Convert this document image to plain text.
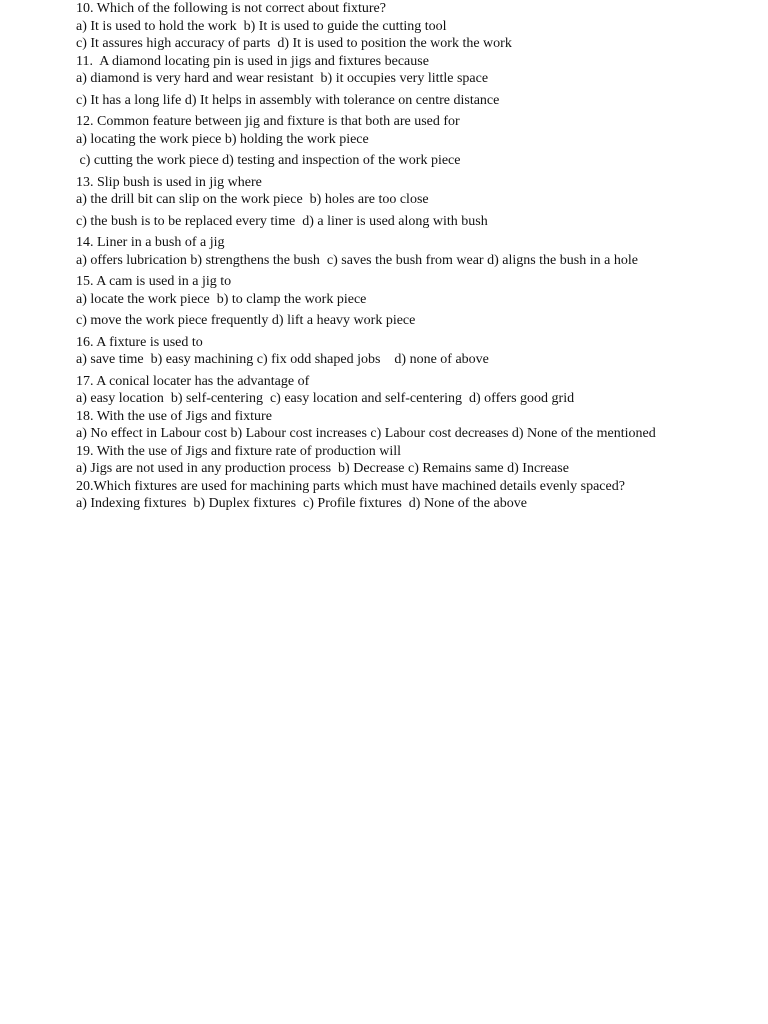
10. Which of the following is not correct about fixture?
a) It is used to hold the work  b) It is used to guide the cutting tool
c) It assures high accuracy of parts  d) It is used to position the work the work
11.  A diamond locating pin is used in jigs and fixtures because
a) diamond is very hard and wear resistant  b) it occupies very little space
c) It has a long life d) It helps in assembly with tolerance on centre distance
12. Common feature between jig and fixture is that both are used for
a) locating the work piece b) holding the work piece
c) cutting the work piece d) testing and inspection of the work piece
13. Slip bush is used in jig where
a) the drill bit can slip on the work piece  b) holes are too close
c) the bush is to be replaced every time  d) a liner is used along with bush
14. Liner in a bush of a jig
a) offers lubrication b) strengthens the bush  c) saves the bush from wear d) aligns the bush in a hole
15. A cam is used in a jig to
a) locate the work piece  b) to clamp the work piece
c) move the work piece frequently d) lift a heavy work piece
16. A fixture is used to
a) save time  b) easy machining c) fix odd shaped jobs    d) none of above
17. A conical locater has the advantage of
a) easy location  b) self-centering  c) easy location and self-centering  d) offers good grid
18. With the use of Jigs and fixture
a) No effect in Labour cost b) Labour cost increases c) Labour cost decreases d) None of the mentioned
19. With the use of Jigs and fixture rate of production will
a) Jigs are not used in any production process  b) Decrease c) Remains same d) Increase
20.Which fixtures are used for machining parts which must have machined details evenly spaced?
a) Indexing fixtures  b) Duplex fixtures  c) Profile fixtures  d) None of the above
